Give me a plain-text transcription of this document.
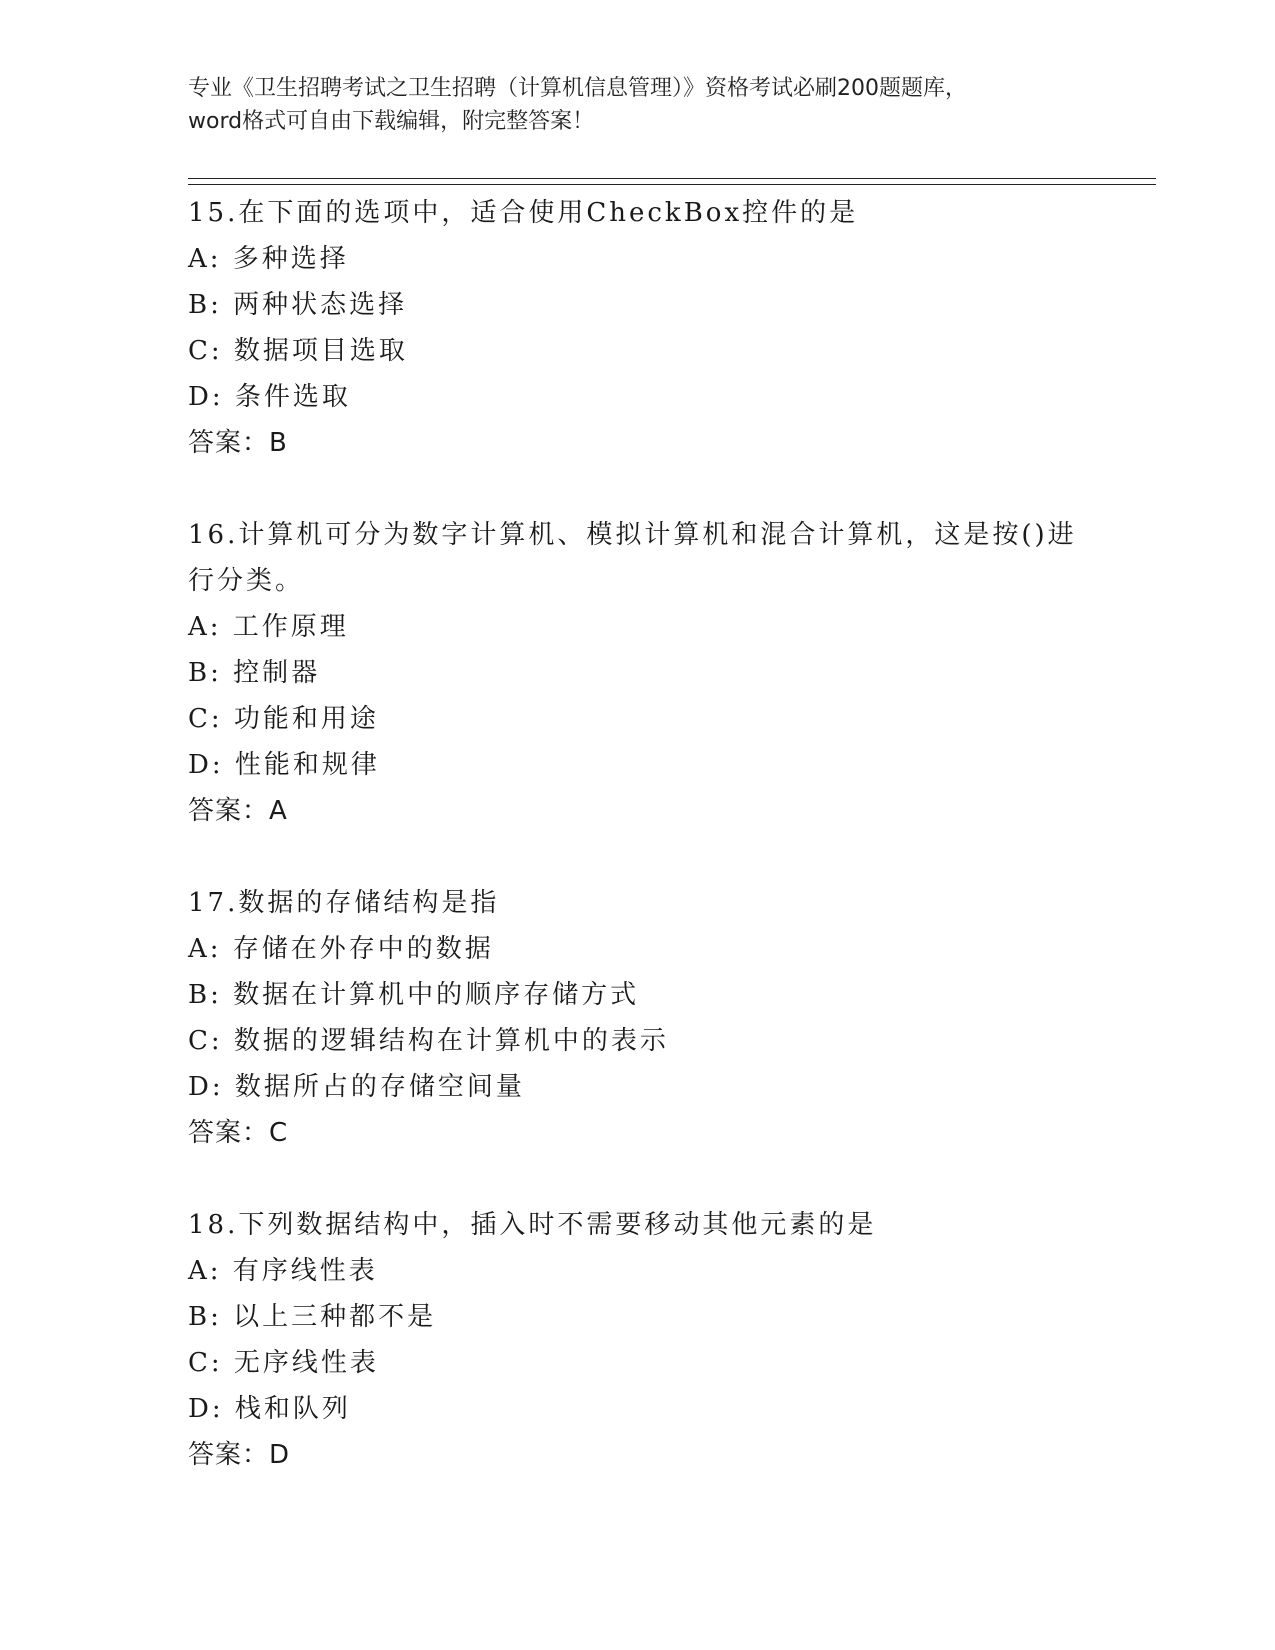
专业《卫生招聘考试之卫生招聘（计算机信息管理）》资格考试必刷200题题库，
word格式可自由下载编辑，附完整答案！
15.在下面的选项中，适合使用CheckBox控件的是
A: 多种选择
B: 两种状态选择
C: 数据项目选取
D: 条件选取
答案：B
16.计算机可分为数字计算机、模拟计算机和混合计算机，这是按()进行分类。
A: 工作原理
B: 控制器
C: 功能和用途
D: 性能和规律
答案：A
17.数据的存储结构是指
A: 存储在外存中的数据
B: 数据在计算机中的顺序存储方式
C: 数据的逻辑结构在计算机中的表示
D: 数据所占的存储空间量
答案：C
18.下列数据结构中，插入时不需要移动其他元素的是
A: 有序线性表
B: 以上三种都不是
C: 无序线性表
D: 栈和队列
答案：D
